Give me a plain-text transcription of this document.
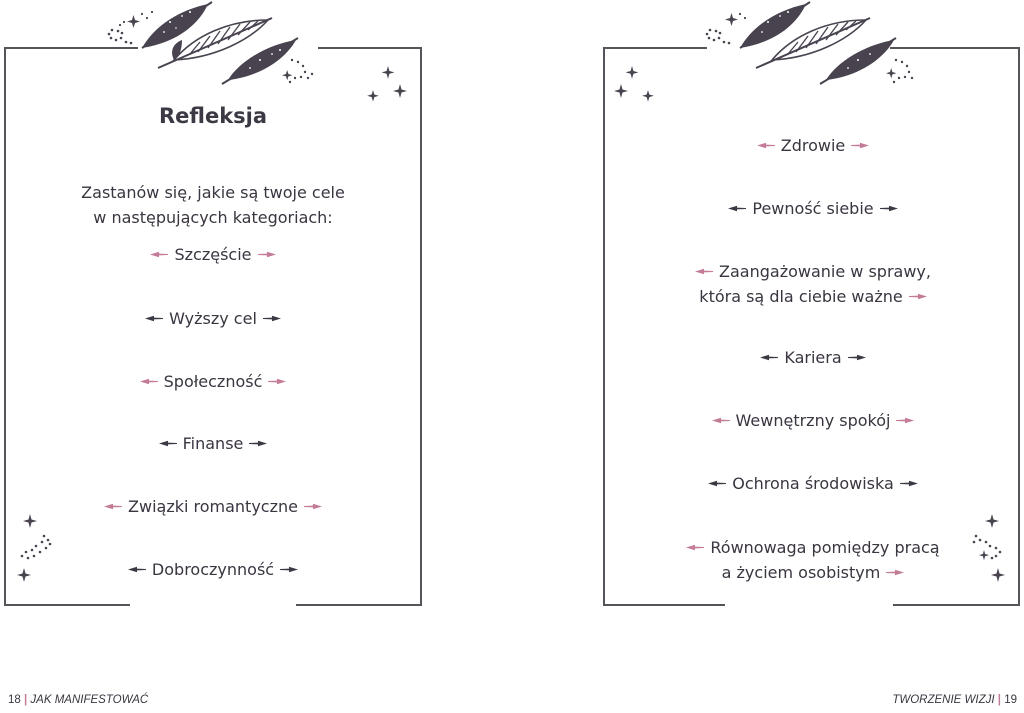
Refleksja
Zastanów się, jakie są twoje cele
w następujących kategoriach:
Szczęście
Wyższy cel
Społeczność
Finanse
Związki romantyczne
Dobroczynność
Zdrowie
Pewność siebie
Zaangażowanie w sprawy,
która są dla ciebie ważne
Kariera
Wewnętrzny spokój
Ochrona środowiska
Równowaga pomiędzy pracą
a życiem osobistym
18 | JAK MANIFESTOWAĆ	TWORZENIE WIZJI | 19
